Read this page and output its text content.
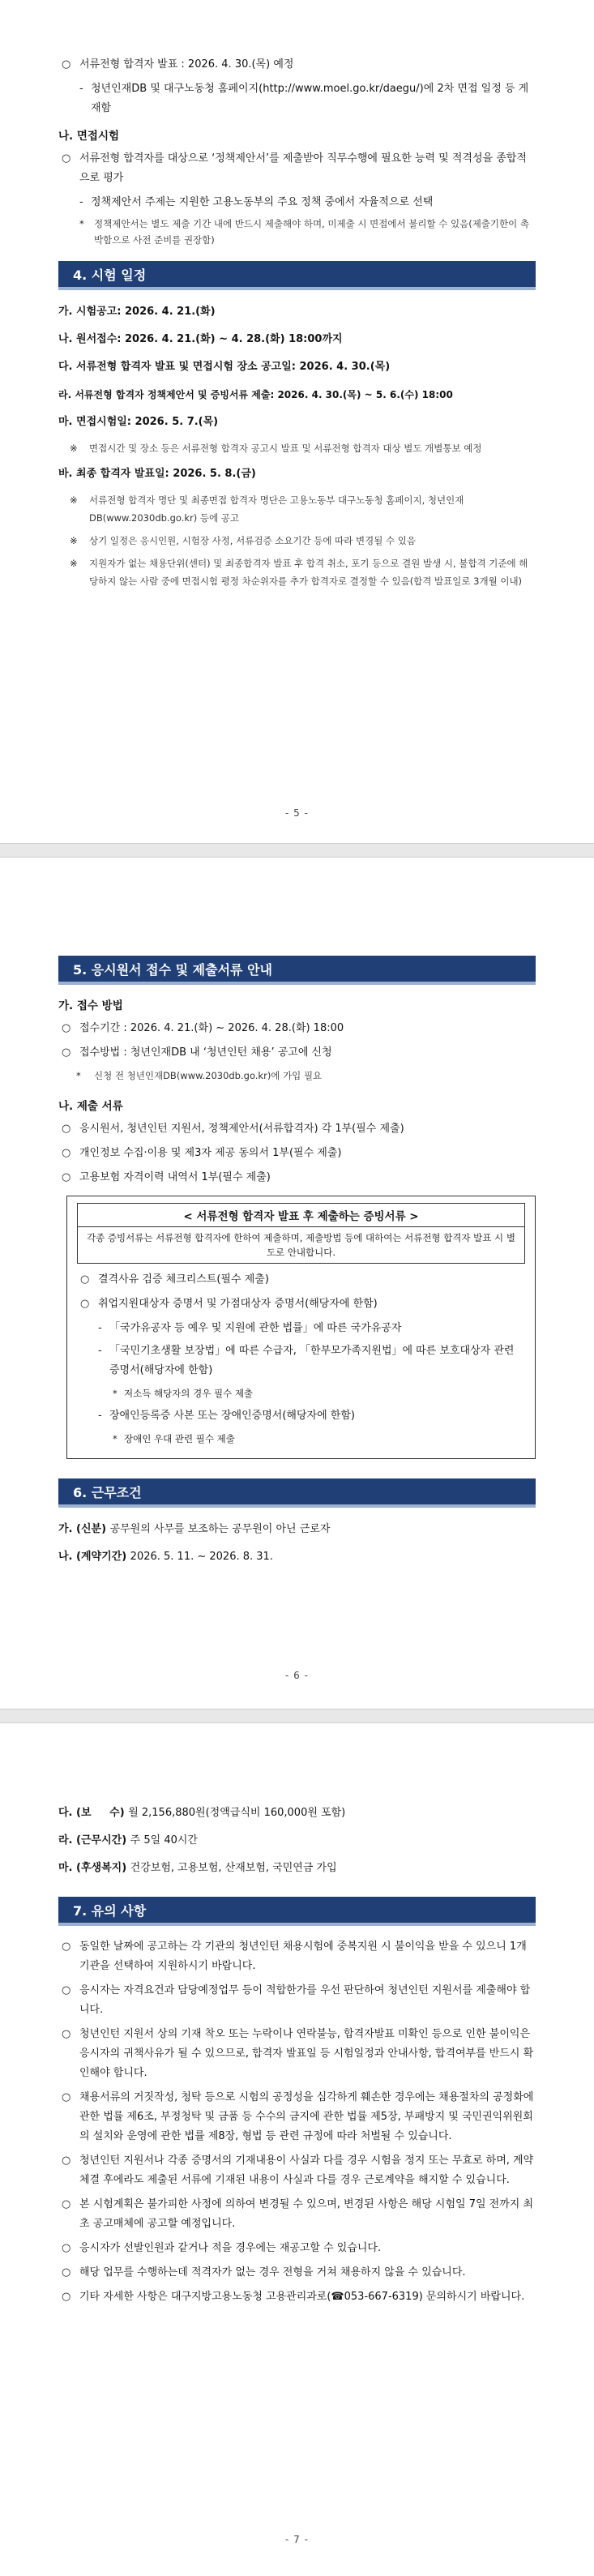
○ 서류전형 합격자 발표 : 2026. 4. 30.(목) 예정
- 청년인재DB 및 대구노동청 홈페이지(http://www.moel.go.kr/daegu/)에 2차 면접 일정 등 게재함
나. 면접시험
○ 서류전형 합격자를 대상으로 ‘정책제안서’를 제출받아 직무수행에 필요한 능력 및 적격성을 종합적으로 평가
- 정책제안서 주제는 지원한 고용노동부의 주요 정책 중에서 자율적으로 선택
*	정책제안서는 별도 제출 기간 내에 반드시 제출해야 하며, 미제출 시 면접에서 불리할 수 있음(제출기한이 촉박함으로 사전 준비를 권장함)
4. 시험 일정
가. 시험공고: 2026. 4. 21.(화)
나. 원서접수: 2026. 4. 21.(화) ~ 4. 28.(화) 18:00까지
다. 서류전형 합격자 발표 및 면접시험 장소 공고일: 2026. 4. 30.(목)
라. 서류전형 합격자 정책제안서 및 증빙서류 제출: 2026. 4. 30.(목) ~ 5. 6.(수) 18:00
마. 면접시험일: 2026. 5. 7.(목)
※	면접시간 및 장소 등은 서류전형 합격자 공고시 발표 및 서류전형 합격자 대상 별도 개별통보 예정
바. 최종 합격자 발표일: 2026. 5. 8.(금)
※	서류전형 합격자 명단 및 최종면접 합격자 명단은 고용노동부 대구노동청 홈페이지, 청년인재DB(www.2030db.go.kr) 등에 공고
※	상기 일정은 응시인원, 시험장 사정, 서류검증 소요기간 등에 따라 변경될 수 있음
※	지원자가 없는 채용단위(센터) 및 최종합격자 발표 후 합격 취소, 포기 등으로 결원 발생 시, 불합격 기준에 해당하지 않는 사람 중에 면접시험 평정 차순위자를 추가 합격자로 결정할 수 있음(합격 발표일로 3개월 이내)
- 5 -
5. 응시원서 접수 및 제출서류 안내
가. 접수 방법
○ 접수기간 : 2026. 4. 21.(화) ~ 2026. 4. 28.(화) 18:00
○ 접수방법 : 청년인재DB 내 ‘청년인턴 채용’ 공고에 신청
*	신청 전 청년인재DB(www.2030db.go.kr)에 가입 필요
나. 제출 서류
○ 응시원서, 청년인턴 지원서, 정책제안서(서류합격자) 각 1부(필수 제출)
○ 개인정보 수집·이용 및 제3자 제공 동의서 1부(필수 제출)
○ 고용보험 자격이력 내역서 1부(필수 제출)
< 서류전형 합격자 발표 후 제출하는 증빙서류 >
각종 증빙서류는 서류전형 합격자에 한하여 제출하며, 제출방법 등에 대하여는 서류전형 합격자 발표 시 별도로 안내합니다.
○ 결격사유 검증 체크리스트(필수 제출)
○ 취업지원대상자 증명서 및 가점대상자 증명서(해당자에 한함)
- 「국가유공자 등 예우 및 지원에 관한 법률」에 따른 국가유공자
- 「국민기초생활 보장법」에 따른 수급자, 「한부모가족지원법」에 따른 보호대상자 관련 증명서(해당자에 한함)
* 저소득 해당자의 경우 필수 제출
- 장애인등록증 사본 또는 장애인증명서(해당자에 한함)
* 장애인 우대 관련 필수 제출
6. 근무조건
가. (신분) 공무원의 사무를 보조하는 공무원이 아닌 근로자
나. (계약기간) 2026. 5. 11. ~ 2026. 8. 31.
- 6 -
다. (보     수) 월 2,156,880원(정액급식비 160,000원 포함)
라. (근무시간) 주 5일 40시간
마. (후생복지) 건강보험, 고용보험, 산재보험, 국민연금 가입
7. 유의 사항
○ 동일한 날짜에 공고하는 각 기관의 청년인턴 채용시험에 중복지원 시 불이익을 받을 수 있으니 1개 기관을 선택하여 지원하시기 바랍니다.
○ 응시자는 자격요건과 담당예정업무 등이 적합한가를 우선 판단하여 청년인턴 지원서를 제출해야 합니다.
○ 청년인턴 지원서 상의 기재 착오 또는 누락이나 연락불능, 합격자발표 미확인 등으로 인한 불이익은 응시자의 귀책사유가 될 수 있으므로, 합격자 발표일 등 시험일정과 안내사항, 합격여부를 반드시 확인해야 합니다.
○ 채용서류의 거짓작성, 청탁 등으로 시험의 공정성을 심각하게 훼손한 경우에는 채용절차의 공정화에 관한 법률 제6조, 부정청탁 및 금품 등 수수의 금지에 관한 법률 제5장, 부패방지 및 국민권익위원회의 설치와 운영에 관한 법률 제8장, 형법 등 관련 규정에 따라 처벌될 수 있습니다.
○ 청년인턴 지원서나 각종 증명서의 기재내용이 사실과 다를 경우 시험을 정지 또는 무효로 하며, 계약체결 후에라도 제출된 서류에 기재된 내용이 사실과 다를 경우 근로계약을 해지할 수 있습니다.
○ 본 시험계획은 불가피한 사정에 의하여 변경될 수 있으며, 변경된 사항은 해당 시험일 7일 전까지 최초 공고매체에 공고할 예정입니다.
○ 응시자가 선발인원과 같거나 적을 경우에는 재공고할 수 있습니다.
○ 해당 업무를 수행하는데 적격자가 없는 경우 전형을 거쳐 채용하지 않을 수 있습니다.
○ 기타 자세한 사항은 대구지방고용노동청 고용관리과로(☎053-667-6319) 문의하시기 바랍니다.
- 7 -
